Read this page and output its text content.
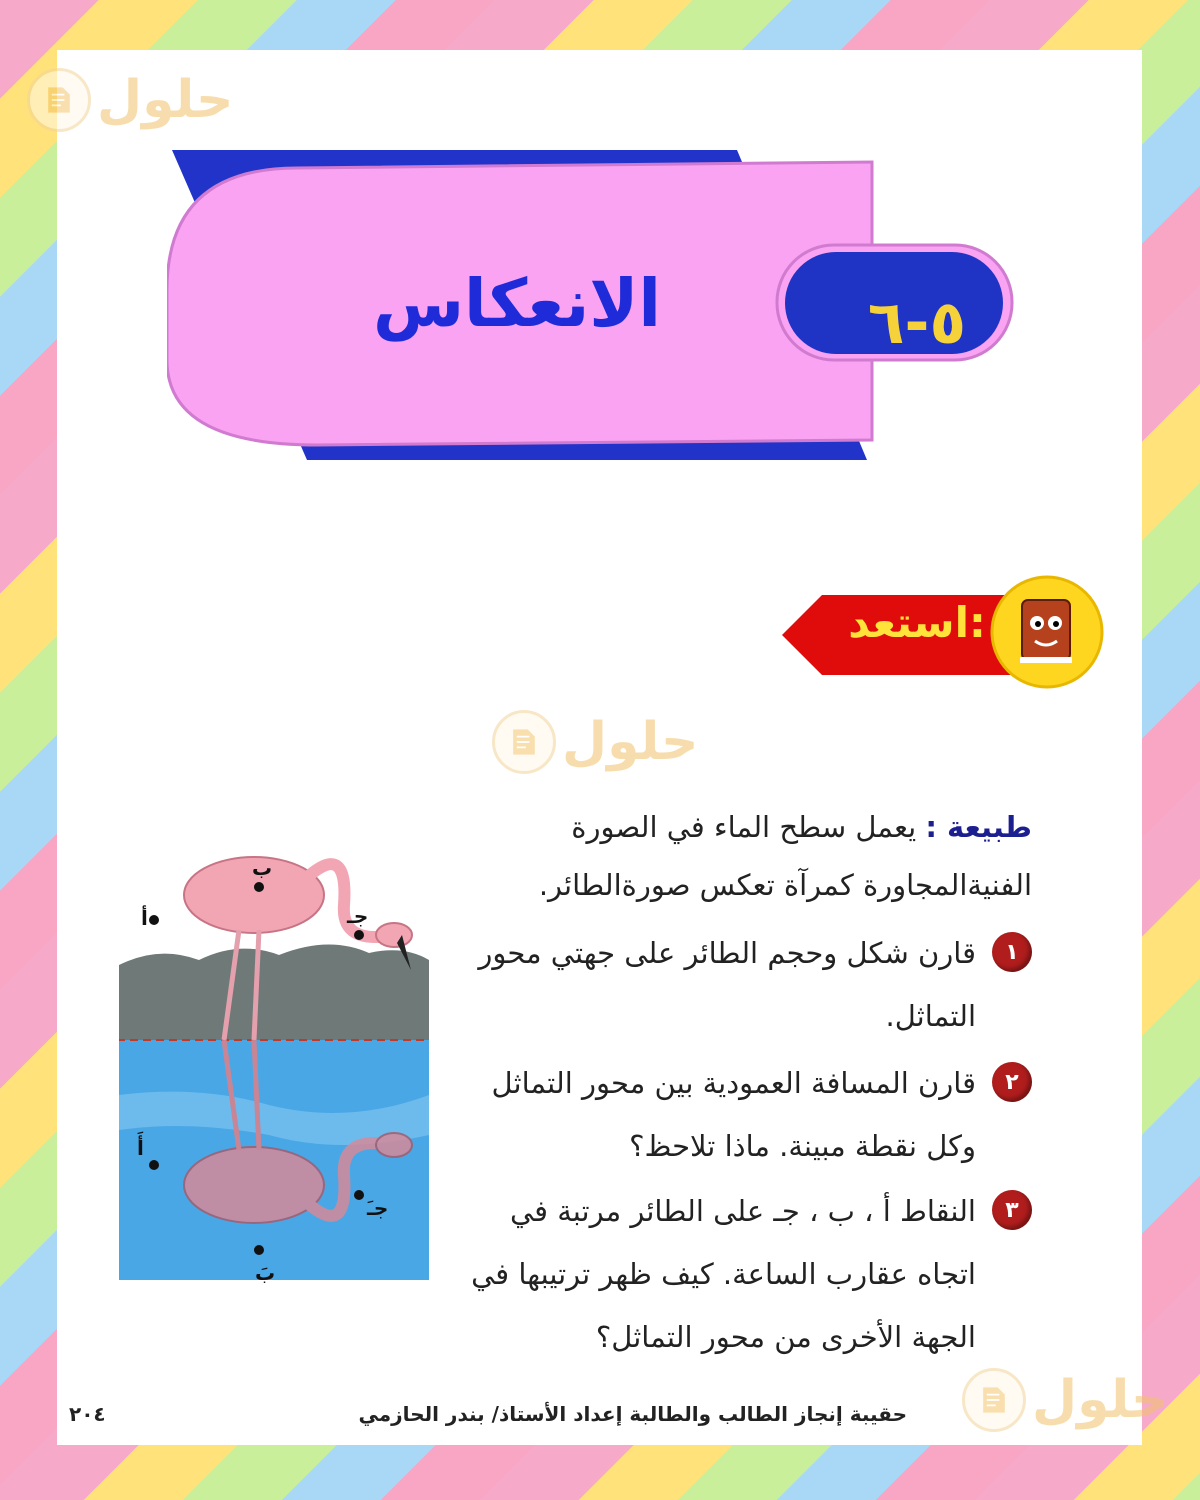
حلول
حلول
حلول
الانعكاس	٥-٦
استعد:
أ
ب
جـ
أَ
بَ
جـَ
طبيعة : يعمل سطح الماء في الصورة
الفنيةالمجاورة كمرآة تعكس صورةالطائر.
١
قارن شكل وحجم الطائر على جهتي محور التماثل.
٢
قارن المسافة العمودية بين محور التماثل وكل نقطة مبينة. ماذا تلاحظ؟
٣
النقاط أ ، ب ، جـ على الطائر مرتبة في اتجاه عقارب الساعة. كيف ظهر ترتيبها في الجهة الأخرى من محور التماثل؟
حقيبة إنجاز الطالب والطالبة إعداد الأستاذ/ بندر الحازمي
٢٠٤
